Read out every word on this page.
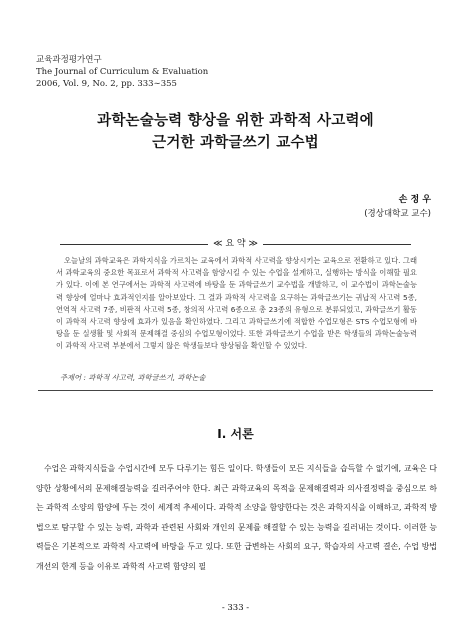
교육과정평가연구
The Journal of Curriculum & Evaluation
2006, Vol. 9, No. 2, pp. 333∼355
과학논술능력 향상을 위한 과학적 사고력에
근거한 과학글쓰기 교수법
손 정 우
(경상대학교 교수)
≪ 요 약 ≫

오늘날의 과학교육은 과학지식을 가르치는 교육에서 과학적 사고력을 향상시키는 교육으로 전환하고 있다. 그래서 과학교육의 중요한 목표로서 과학적 사고력을 함양시킬 수 있는 수업을 설계하고, 실행하는 방식을 이해할 필요가 있다. 이에 본 연구에서는 과학적 사고력에 바탕을 둔 과학글쓰기 교수법을 개발하고, 이 교수법이 과학논술능력 향상에 얼마나 효과적인지를 알아보았다. 그 결과 과학적 사고력을 요구하는 과학글쓰기는 귀납적 사고력 5종, 연역적 사고력 7종, 비판적 사고력 5종, 창의적 사고력 6종으로 총 23종의 유형으로 분류되었고, 과학글쓰기 활동이 과학적 사고력 향상에 효과가 있음을 확인하였다. 그리고 과학글쓰기에 적합한 수업모형은 STS 수업모형에 바탕을 둔 실생활 및 사회적 문제해결 중심의 수업모형이었다. 또한 과학글쓰기 수업을 받은 학생들의 과학논술능력이 과학적 사고력 부분에서 그렇지 않은 학생들보다 향상됨을 확인할 수 있었다.

주제어 : 과학적 사고력, 과학글쓰기, 과학논술
Ⅰ. 서론

수업은 과학지식들을 수업시간에 모두 다루기는 힘든 일이다. 학생들이 모든 지식들을 습득할 수 없기에, 교육은 다양한 상황에서의 문제해결능력을 길러주어야 한다. 최근 과학교육의 목적을 문제해결력과 의사결정력을 중심으로 하는 과학적 소양의 함양에 두는 것이 세계적 추세이다. 과학적 소양을 함양한다는 것은 과학지식을 이해하고, 과학적 방법으로 탐구할 수 있는 능력, 과학과 관련된 사회와 개인의 문제를 해결할 수 있는 능력을 길러내는 것이다. 이러한 능력들은 기본적으로 과학적 사고력에 바탕을 두고 있다. 또한 급변하는 사회의 요구, 학습자의 사고력 결손, 수업 방법 개선의 한계 등을 이유로 과학적 사고력 함양의 필

- 333 -
